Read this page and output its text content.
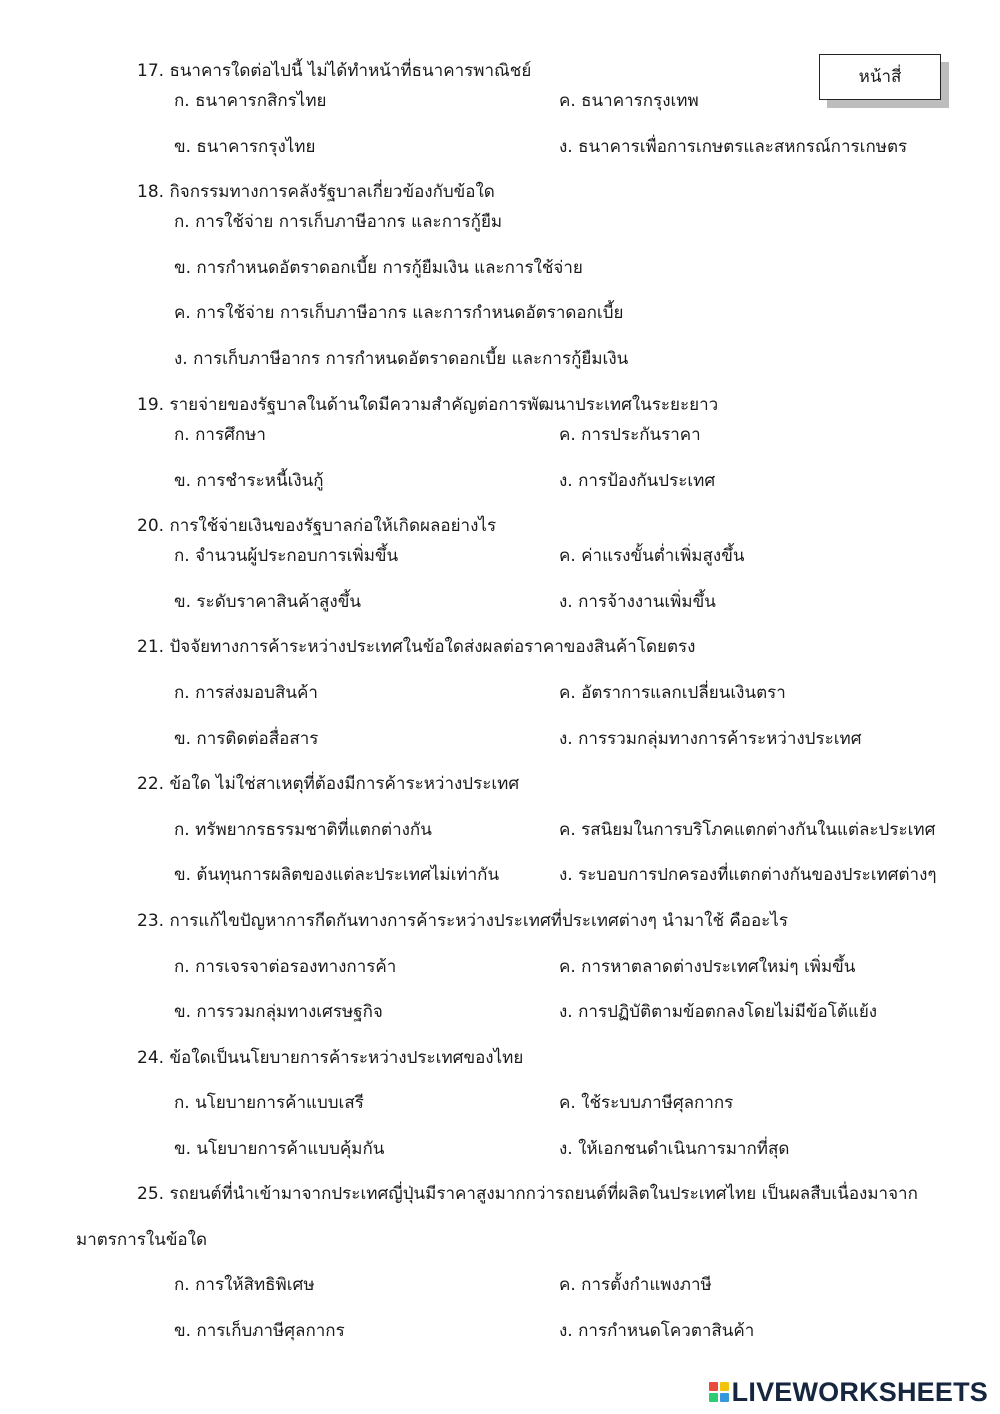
หน้าสี่
17. ธนาคารใดต่อไปนี้ ไม่ได้ทำหน้าที่ธนาคารพาณิชย์
ก. ธนาคารกสิกรไทย	ค. ธนาคารกรุงเทพ
ข. ธนาคารกรุงไทย	ง. ธนาคารเพื่อการเกษตรและสหกรณ์การเกษตร
18. กิจกรรมทางการคลังรัฐบาลเกี่ยวข้องกับข้อใด
ก. การใช้จ่าย การเก็บภาษีอากร และการกู้ยืม
ข. การกำหนดอัตราดอกเบี้ย การกู้ยืมเงิน และการใช้จ่าย
ค. การใช้จ่าย การเก็บภาษีอากร และการกำหนดอัตราดอกเบี้ย
ง. การเก็บภาษีอากร การกำหนดอัตราดอกเบี้ย และการกู้ยืมเงิน
19. รายจ่ายของรัฐบาลในด้านใดมีความสำคัญต่อการพัฒนาประเทศในระยะยาว
ก. การศึกษา	ค. การประกันราคา
ข. การชำระหนี้เงินกู้	ง. การป้องกันประเทศ
20. การใช้จ่ายเงินของรัฐบาลก่อให้เกิดผลอย่างไร
ก. จำนวนผู้ประกอบการเพิ่มขึ้น	ค. ค่าแรงขั้นต่ำเพิ่มสูงขึ้น
ข. ระดับราคาสินค้าสูงขึ้น	ง. การจ้างงานเพิ่มขึ้น
21. ปัจจัยทางการค้าระหว่างประเทศในข้อใดส่งผลต่อราคาของสินค้าโดยตรง
ก. การส่งมอบสินค้า	ค. อัตราการแลกเปลี่ยนเงินตรา
ข. การติดต่อสื่อสาร	ง. การรวมกลุ่มทางการค้าระหว่างประเทศ
22. ข้อใด ไม่ใช่สาเหตุที่ต้องมีการค้าระหว่างประเทศ
ก. ทรัพยากรธรรมชาติที่แตกต่างกัน	ค. รสนิยมในการบริโภคแตกต่างกันในแต่ละประเทศ
ข. ต้นทุนการผลิตของแต่ละประเทศไม่เท่ากัน	ง. ระบอบการปกครองที่แตกต่างกันของประเทศต่างๆ
23. การแก้ไขปัญหาการกีดกันทางการค้าระหว่างประเทศที่ประเทศต่างๆ นำมาใช้ คืออะไร
ก. การเจรจาต่อรองทางการค้า	ค. การหาตลาดต่างประเทศใหม่ๆ เพิ่มขึ้น
ข. การรวมกลุ่มทางเศรษฐกิจ	ง. การปฏิบัติตามข้อตกลงโดยไม่มีข้อโต้แย้ง
24. ข้อใดเป็นนโยบายการค้าระหว่างประเทศของไทย
ก. นโยบายการค้าแบบเสรี	ค. ใช้ระบบภาษีศุลกากร
ข. นโยบายการค้าแบบคุ้มกัน	ง. ให้เอกชนดำเนินการมากที่สุด
25. รถยนต์ที่นำเข้ามาจากประเทศญี่ปุ่นมีราคาสูงมากกว่ารถยนต์ที่ผลิตในประเทศไทย เป็นผลสืบเนื่องมาจาก
มาตรการในข้อใด
ก. การให้สิทธิพิเศษ	ค. การตั้งกำแพงภาษี
ข. การเก็บภาษีศุลกากร	ง. การกำหนดโควตาสินค้า
LIVEWORKSHEETS
